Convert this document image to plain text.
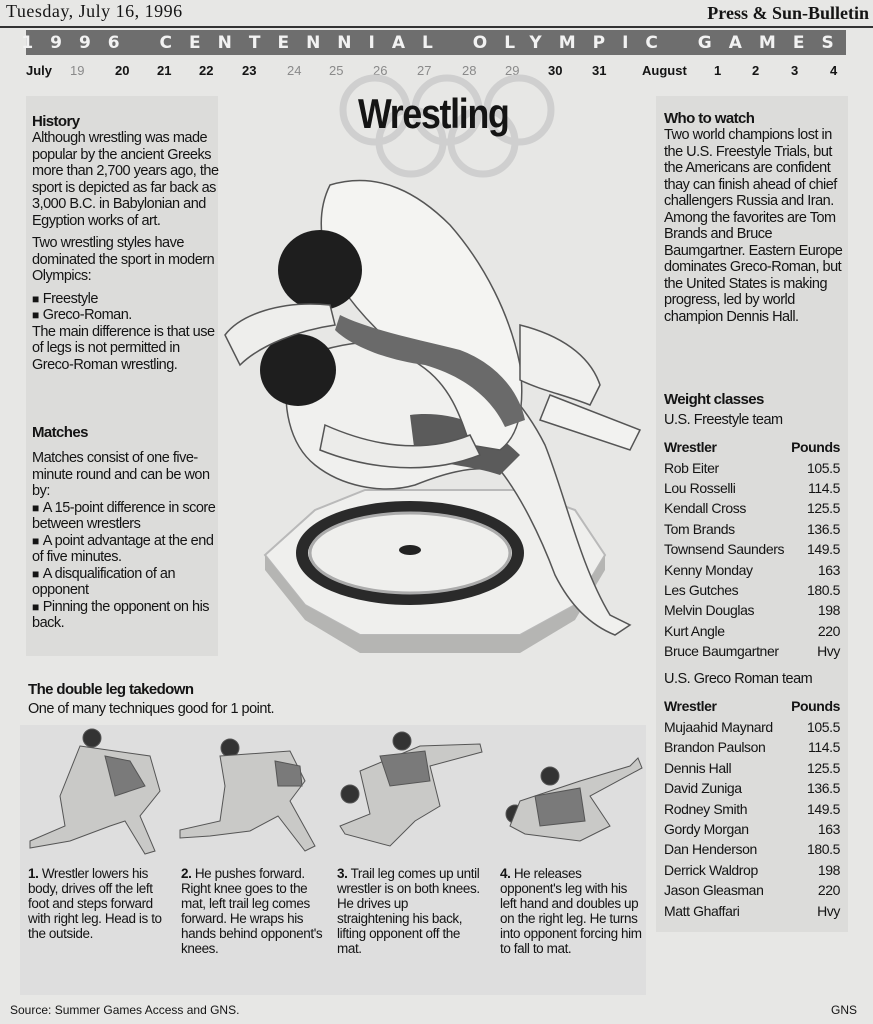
Tuesday, July 16, 1996	Press & Sun-Bulletin
1996 CENTENNIAL OLYMPIC GAMES
July 19 20 21 22 23 24 25 26 27 28 29 30 31	August 1 2 3 4
Wrestling
History
Although wrestling was made popular by the ancient Greeks more than 2,700 years ago, the sport is depicted as far back as 3,000 B.C. in Babylonian and Egyption works of art.
Two wrestling styles have dominated the sport in modern Olympics:
■ Freestyle
■ Greco-Roman.
The main difference is that use of legs is not permitted in Greco-Roman wrestling.
Matches
Matches consist of one five-minute round and can be won by:
■ A 15-point difference in score between wrestlers
■ A point advantage at the end of five minutes.
■ A disqualification of an opponent
■ Pinning the opponent on his back.
Who to watch
Two world champions lost in the U.S. Freestyle Trials, but the Americans are confident thay can finish ahead of chief challengers Russia and Iran. Among the favorites are Tom Brands and Bruce Baumgartner. Eastern Europe dominates Greco-Roman, but the United States is making progress, led by world champion Dennis Hall.
Weight classes
U.S. Freestyle team
Wrestler	Pounds
Rob Eiter	105.5
Lou Rosselli	114.5
Kendall Cross	125.5
Tom Brands	136.5
Townsend Saunders	149.5
Kenny Monday	163
Les Gutches	180.5
Melvin Douglas	198
Kurt Angle	220
Bruce Baumgartner	Hvy
U.S. Greco Roman team
Wrestler	Pounds
Mujaahid Maynard	105.5
Brandon Paulson	114.5
Dennis Hall	125.5
David Zuniga	136.5
Rodney Smith	149.5
Gordy Morgan	163
Dan Henderson	180.5
Derrick Waldrop	198
Jason Gleasman	220
Matt Ghaffari	Hvy
The double leg takedown
One of many techniques good for 1 point.
1. Wrestler lowers his body, drives off the left foot and steps forward with right leg. Head is to the outside.
2. He pushes forward. Right knee goes to the mat, left trail leg comes forward. He wraps his hands behind opponent's knees.
3. Trail leg comes up until wrestler is on both knees. He drives up straightening his back, lifting opponent off the mat.
4. He releases opponent's leg with his left hand and doubles up on the right leg. He turns into opponent forcing him to fall to mat.
Source: Summer Games Access and GNS.	GNS
